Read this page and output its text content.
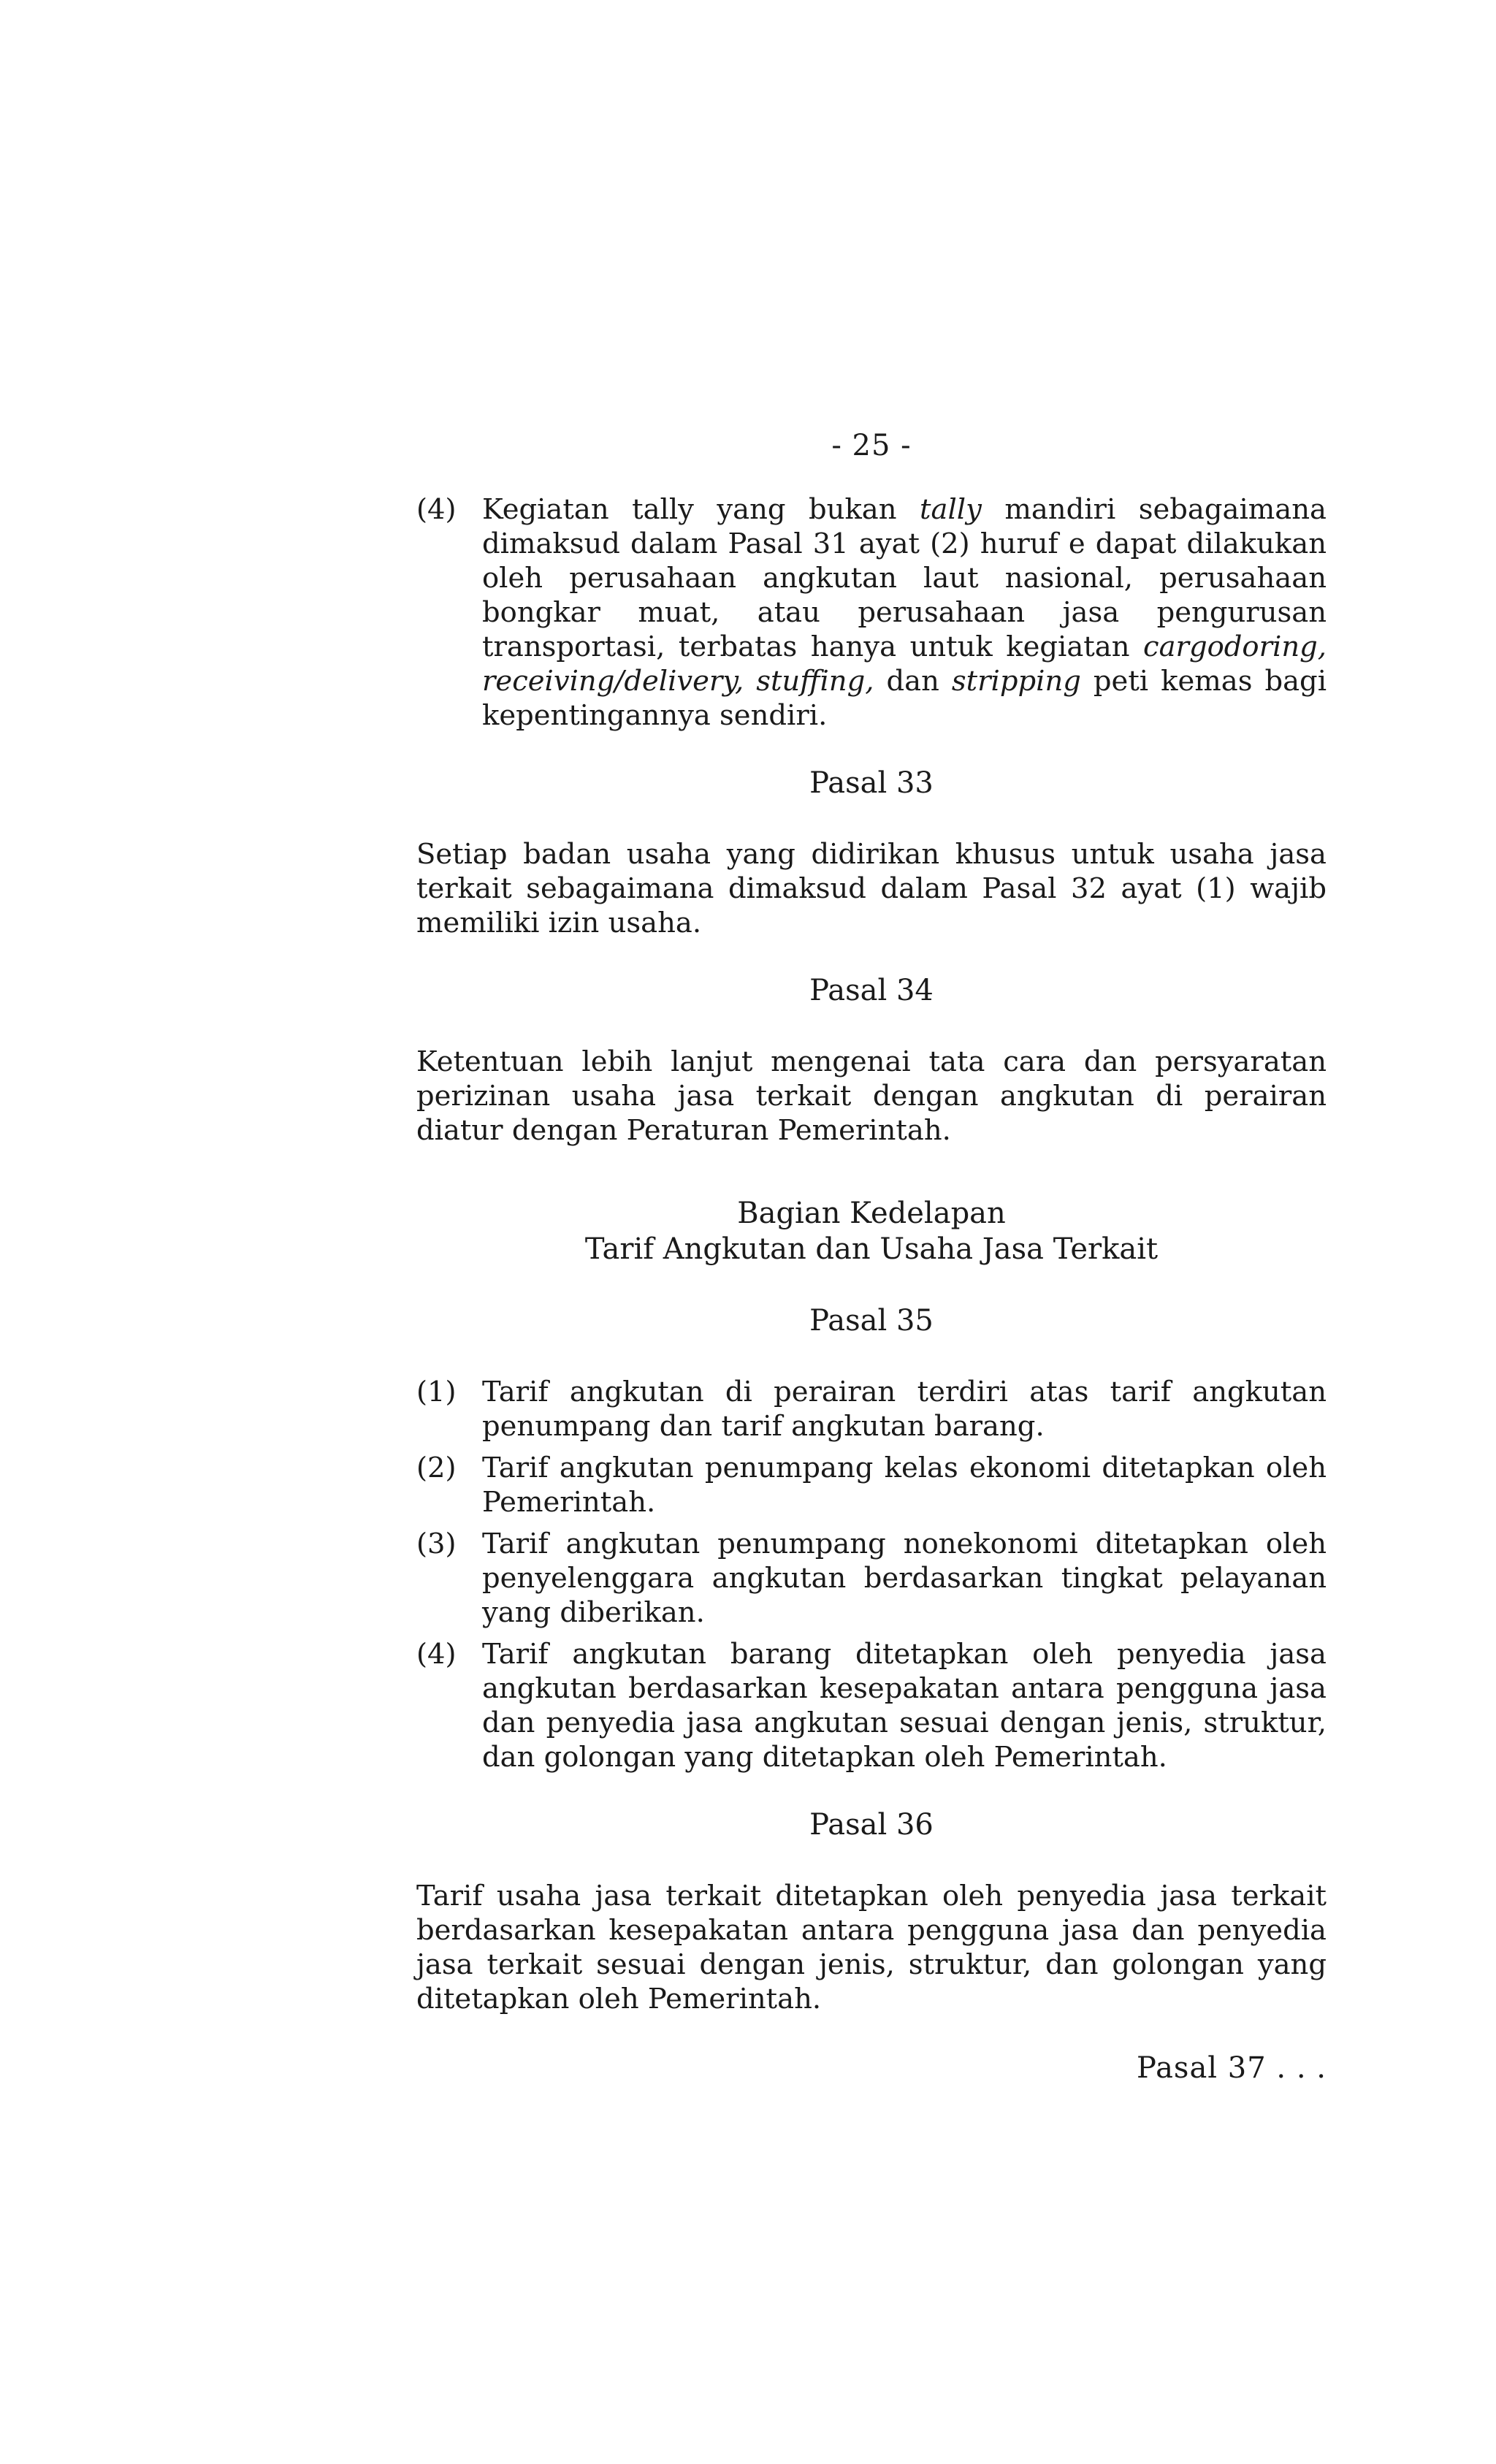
- 25 -
(4) Kegiatan tally yang bukan tally mandiri sebagaimana dimaksud dalam Pasal 31 ayat (2) huruf e dapat dilakukan oleh perusahaan angkutan laut nasional, perusahaan bongkar muat, atau perusahaan jasa pengurusan transportasi, terbatas hanya untuk kegiatan cargodoring, receiving/delivery, stuffing, dan stripping peti kemas bagi kepentingannya sendiri.
Pasal 33

Setiap badan usaha yang didirikan khusus untuk usaha jasa terkait sebagaimana dimaksud dalam Pasal 32 ayat (1) wajib memiliki izin usaha.

Pasal 34

Ketentuan lebih lanjut mengenai tata cara dan persyaratan perizinan usaha jasa terkait dengan angkutan di perairan diatur dengan Peraturan Pemerintah.

Bagian Kedelapan
Tarif Angkutan dan Usaha Jasa Terkait
Pasal 35
(1) Tarif angkutan di perairan terdiri atas tarif angkutan penumpang dan tarif angkutan barang.
(2) Tarif angkutan penumpang kelas ekonomi ditetapkan oleh Pemerintah.
(3) Tarif angkutan penumpang nonekonomi ditetapkan oleh penyelenggara angkutan berdasarkan tingkat pelayanan yang diberikan.
(4) Tarif angkutan barang ditetapkan oleh penyedia jasa angkutan berdasarkan kesepakatan antara pengguna jasa dan penyedia jasa angkutan sesuai dengan jenis, struktur, dan golongan yang ditetapkan oleh Pemerintah.
Pasal 36

Tarif usaha jasa terkait ditetapkan oleh penyedia jasa terkait berdasarkan kesepakatan antara pengguna jasa dan penyedia jasa terkait sesuai dengan jenis, struktur, dan golongan yang ditetapkan oleh Pemerintah.

Pasal 37 . . .
